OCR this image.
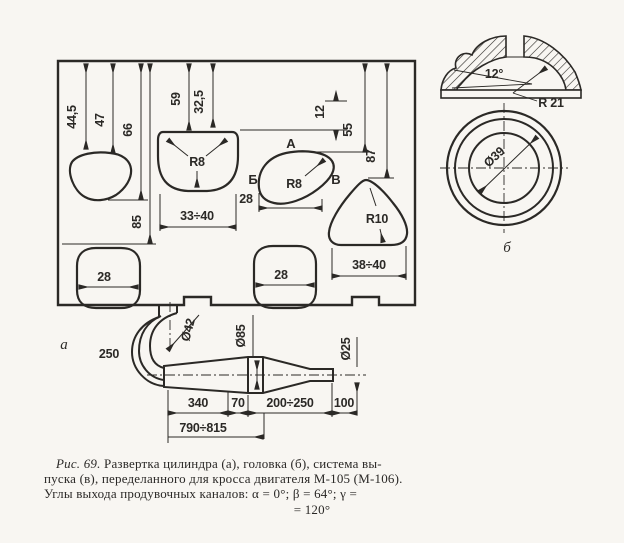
44,5 47
66
85
59 32,5	12
55
87
R8
R8
R10
33÷40
28
38÷40
28	28
А
Б	В
а
12°
R 21
Ø39
б
250
Ø42	Ø85
Ø25
340 70 200÷250 100
790÷815
Рис. 69. Развертка цилиндра (а), головка (б), система вы-
пуска (в), переделанного для кросса двигателя М-105 (М-106).
Углы выхода продувочных каналов: α = 0°; β = 64°; γ =
= 120°
